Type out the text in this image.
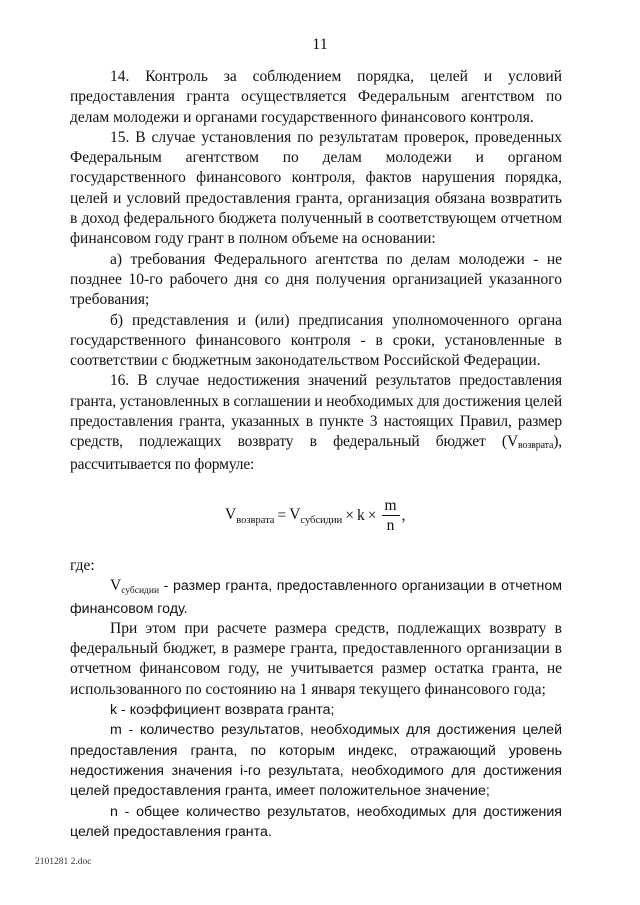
11

14. Контроль за соблюдением порядка, целей и условий предоставления гранта осуществляется Федеральным агентством по делам молодежи и органами государственного финансового контроля.

15. В случае установления по результатам проверок, проведенных Федеральным агентством по делам молодежи и органом государственного финансового контроля, фактов нарушения порядка, целей и условий предоставления гранта, организация обязана возвратить в доход федерального бюджета полученный в соответствующем отчетном финансовом году грант в полном объеме на основании:

а) требования Федерального агентства по делам молодежи - не позднее 10-го рабочего дня со дня получения организацией указанного требования;

б) представления и (или) предписания уполномоченного органа государственного финансового контроля - в сроки, установленные в соответствии с бюджетным законодательством Российской Федерации.

16. В случае недостижения значений результатов предоставления гранта, установленных в соглашении и необходимых для достижения целей предоставления гранта, указанных в пункте 3 настоящих Правил, размер средств, подлежащих возврату в федеральный бюджет (Vвозврата), рассчитывается по формуле:

$V_{возврата} = V_{субсидии} \times k \times \frac{m}{n}$ ,

где:

Vсубсидии - размер гранта, предоставленного организации в отчетном финансовом году.

При этом при расчете размера средств, подлежащих возврату в федеральный бюджет, в размере гранта, предоставленного организации в отчетном финансовом году, не учитывается размер остатка гранта, не использованного по состоянию на 1 января текущего финансового года;

k - коэффициент возврата гранта;

m - количество результатов, необходимых для достижения целей предоставления гранта, по которым индекс, отражающий уровень недостижения значения i-го результата, необходимого для достижения целей предоставления гранта, имеет положительное значение;

n - общее количество результатов, необходимых для достижения целей предоставления гранта.

2101281 2.doc
